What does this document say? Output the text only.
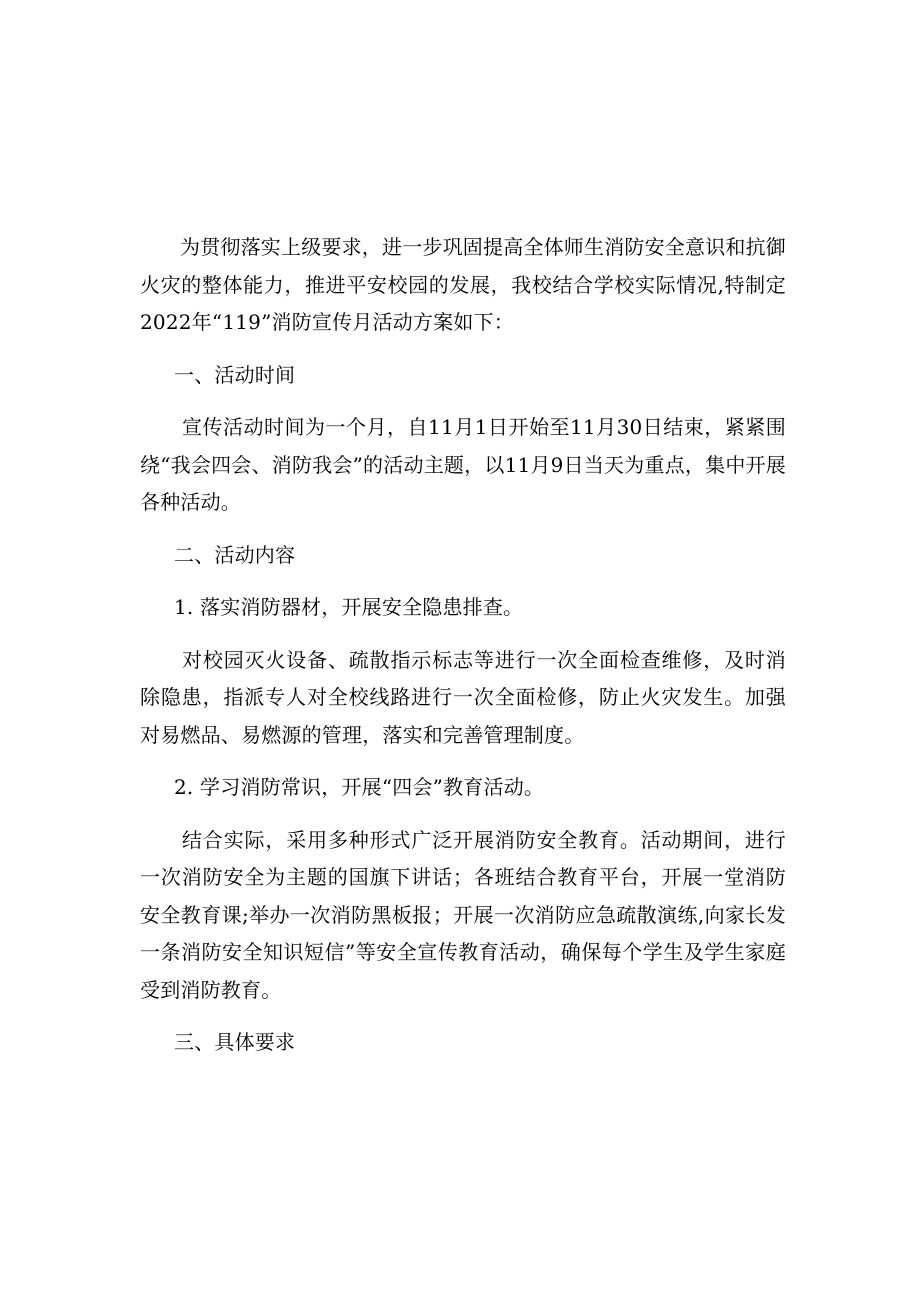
为贯彻落实上级要求，进一步巩固提高全体师生消防安全意识和抗御火灾的整体能力，推进平安校园的发展，我校结合学校实际情况,特制定2022年“119”消防宣传月活动方案如下：

一、活动时间

宣传活动时间为一个月，自11月1日开始至11月30日结束，紧紧围绕“我会四会、消防我会”的活动主题，以11月9日当天为重点，集中开展各种活动。

二、活动内容

1. 落实消防器材，开展安全隐患排查。

对校园灭火设备、疏散指示标志等进行一次全面检查维修，及时消除隐患，指派专人对全校线路进行一次全面检修，防止火灾发生。加强对易燃品、易燃源的管理，落实和完善管理制度。

2. 学习消防常识，开展“四会”教育活动。

结合实际，采用多种形式广泛开展消防安全教育。活动期间，进行一次消防安全为主题的国旗下讲话；各班结合教育平台，开展一堂消防安全教育课;举办一次消防黑板报；开展一次消防应急疏散演练,向家长发一条消防安全知识短信”等安全宣传教育活动，确保每个学生及学生家庭受到消防教育。

三、具体要求
